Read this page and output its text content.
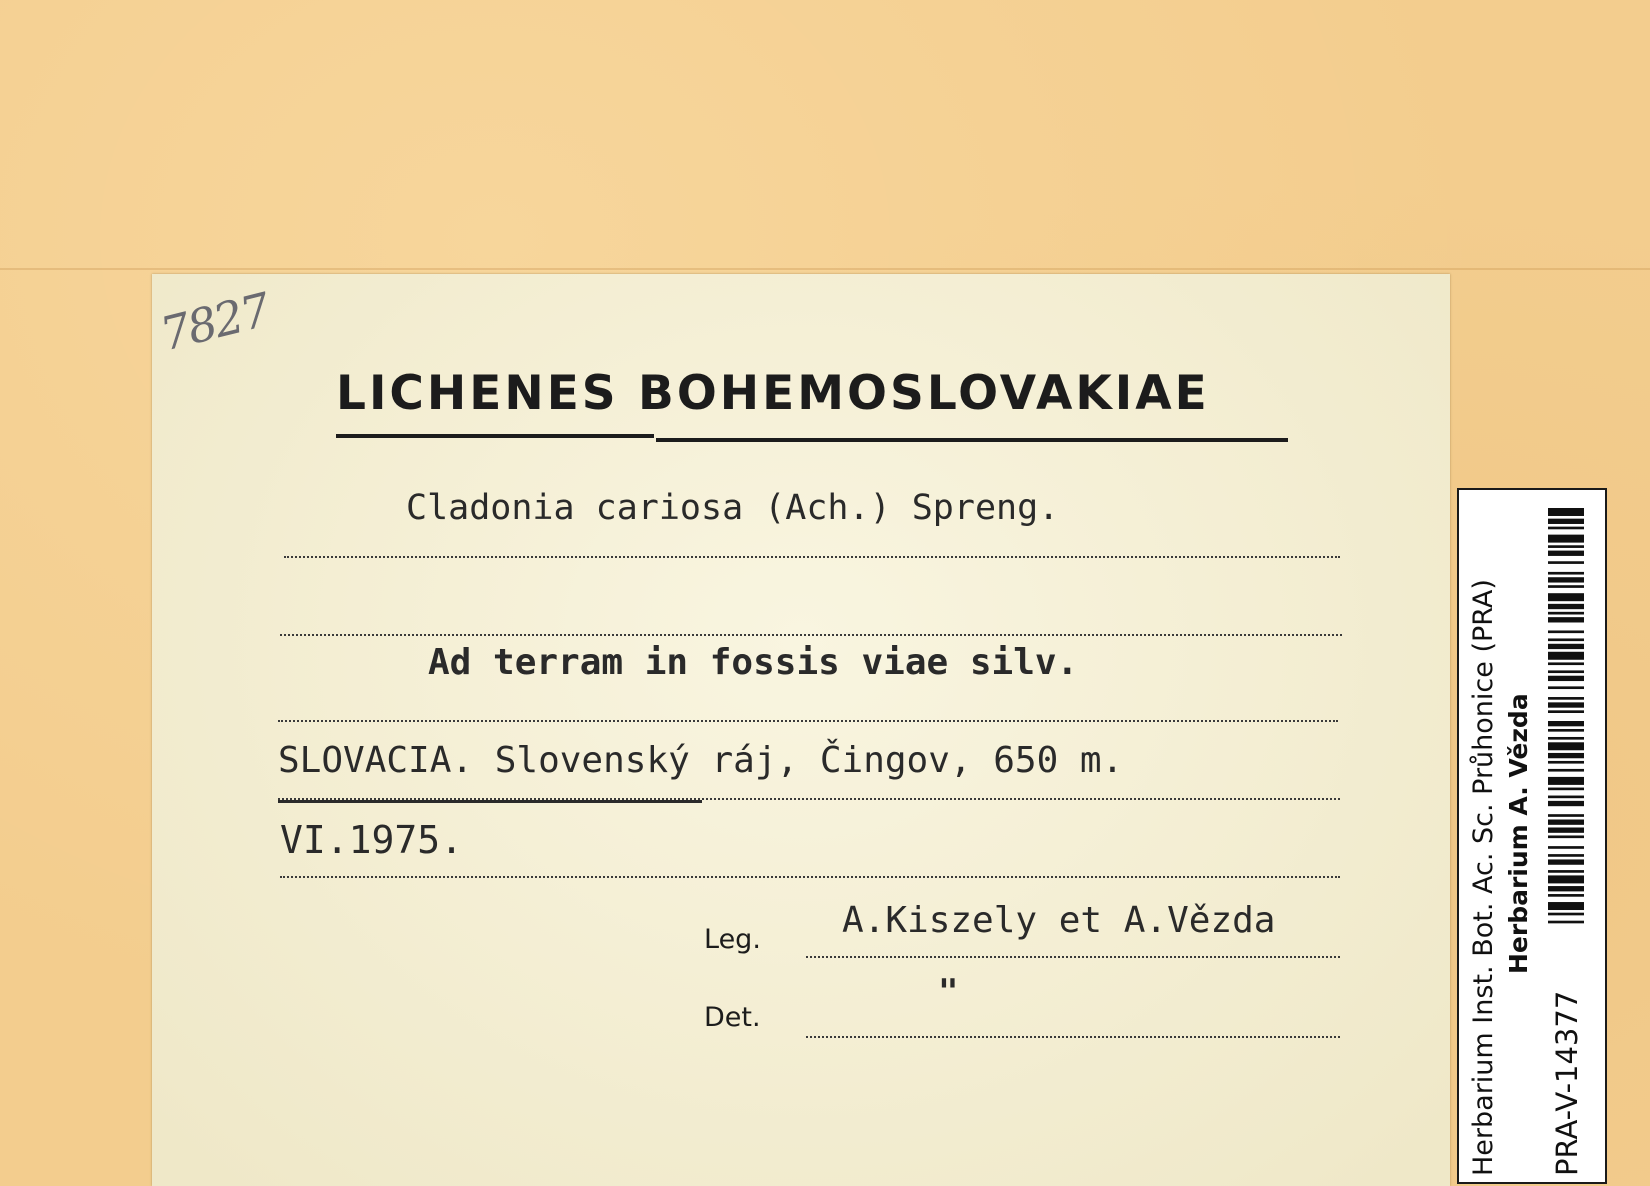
7827
LICHENES BOHEMOSLOVAKIAE
Cladonia cariosa (Ach.) Spreng.
Ad terram in fossis viae silv.
SLOVACIA. Slovenský ráj, Čingov, 650 m.
VI.1975.
Leg. A.Kiszely et A.Vězda
"
Det.	Herbarium Inst. Bot. Ac. Sc. Průhonice (PRA) Herbarium A. Vězda
PRA-V-14377
